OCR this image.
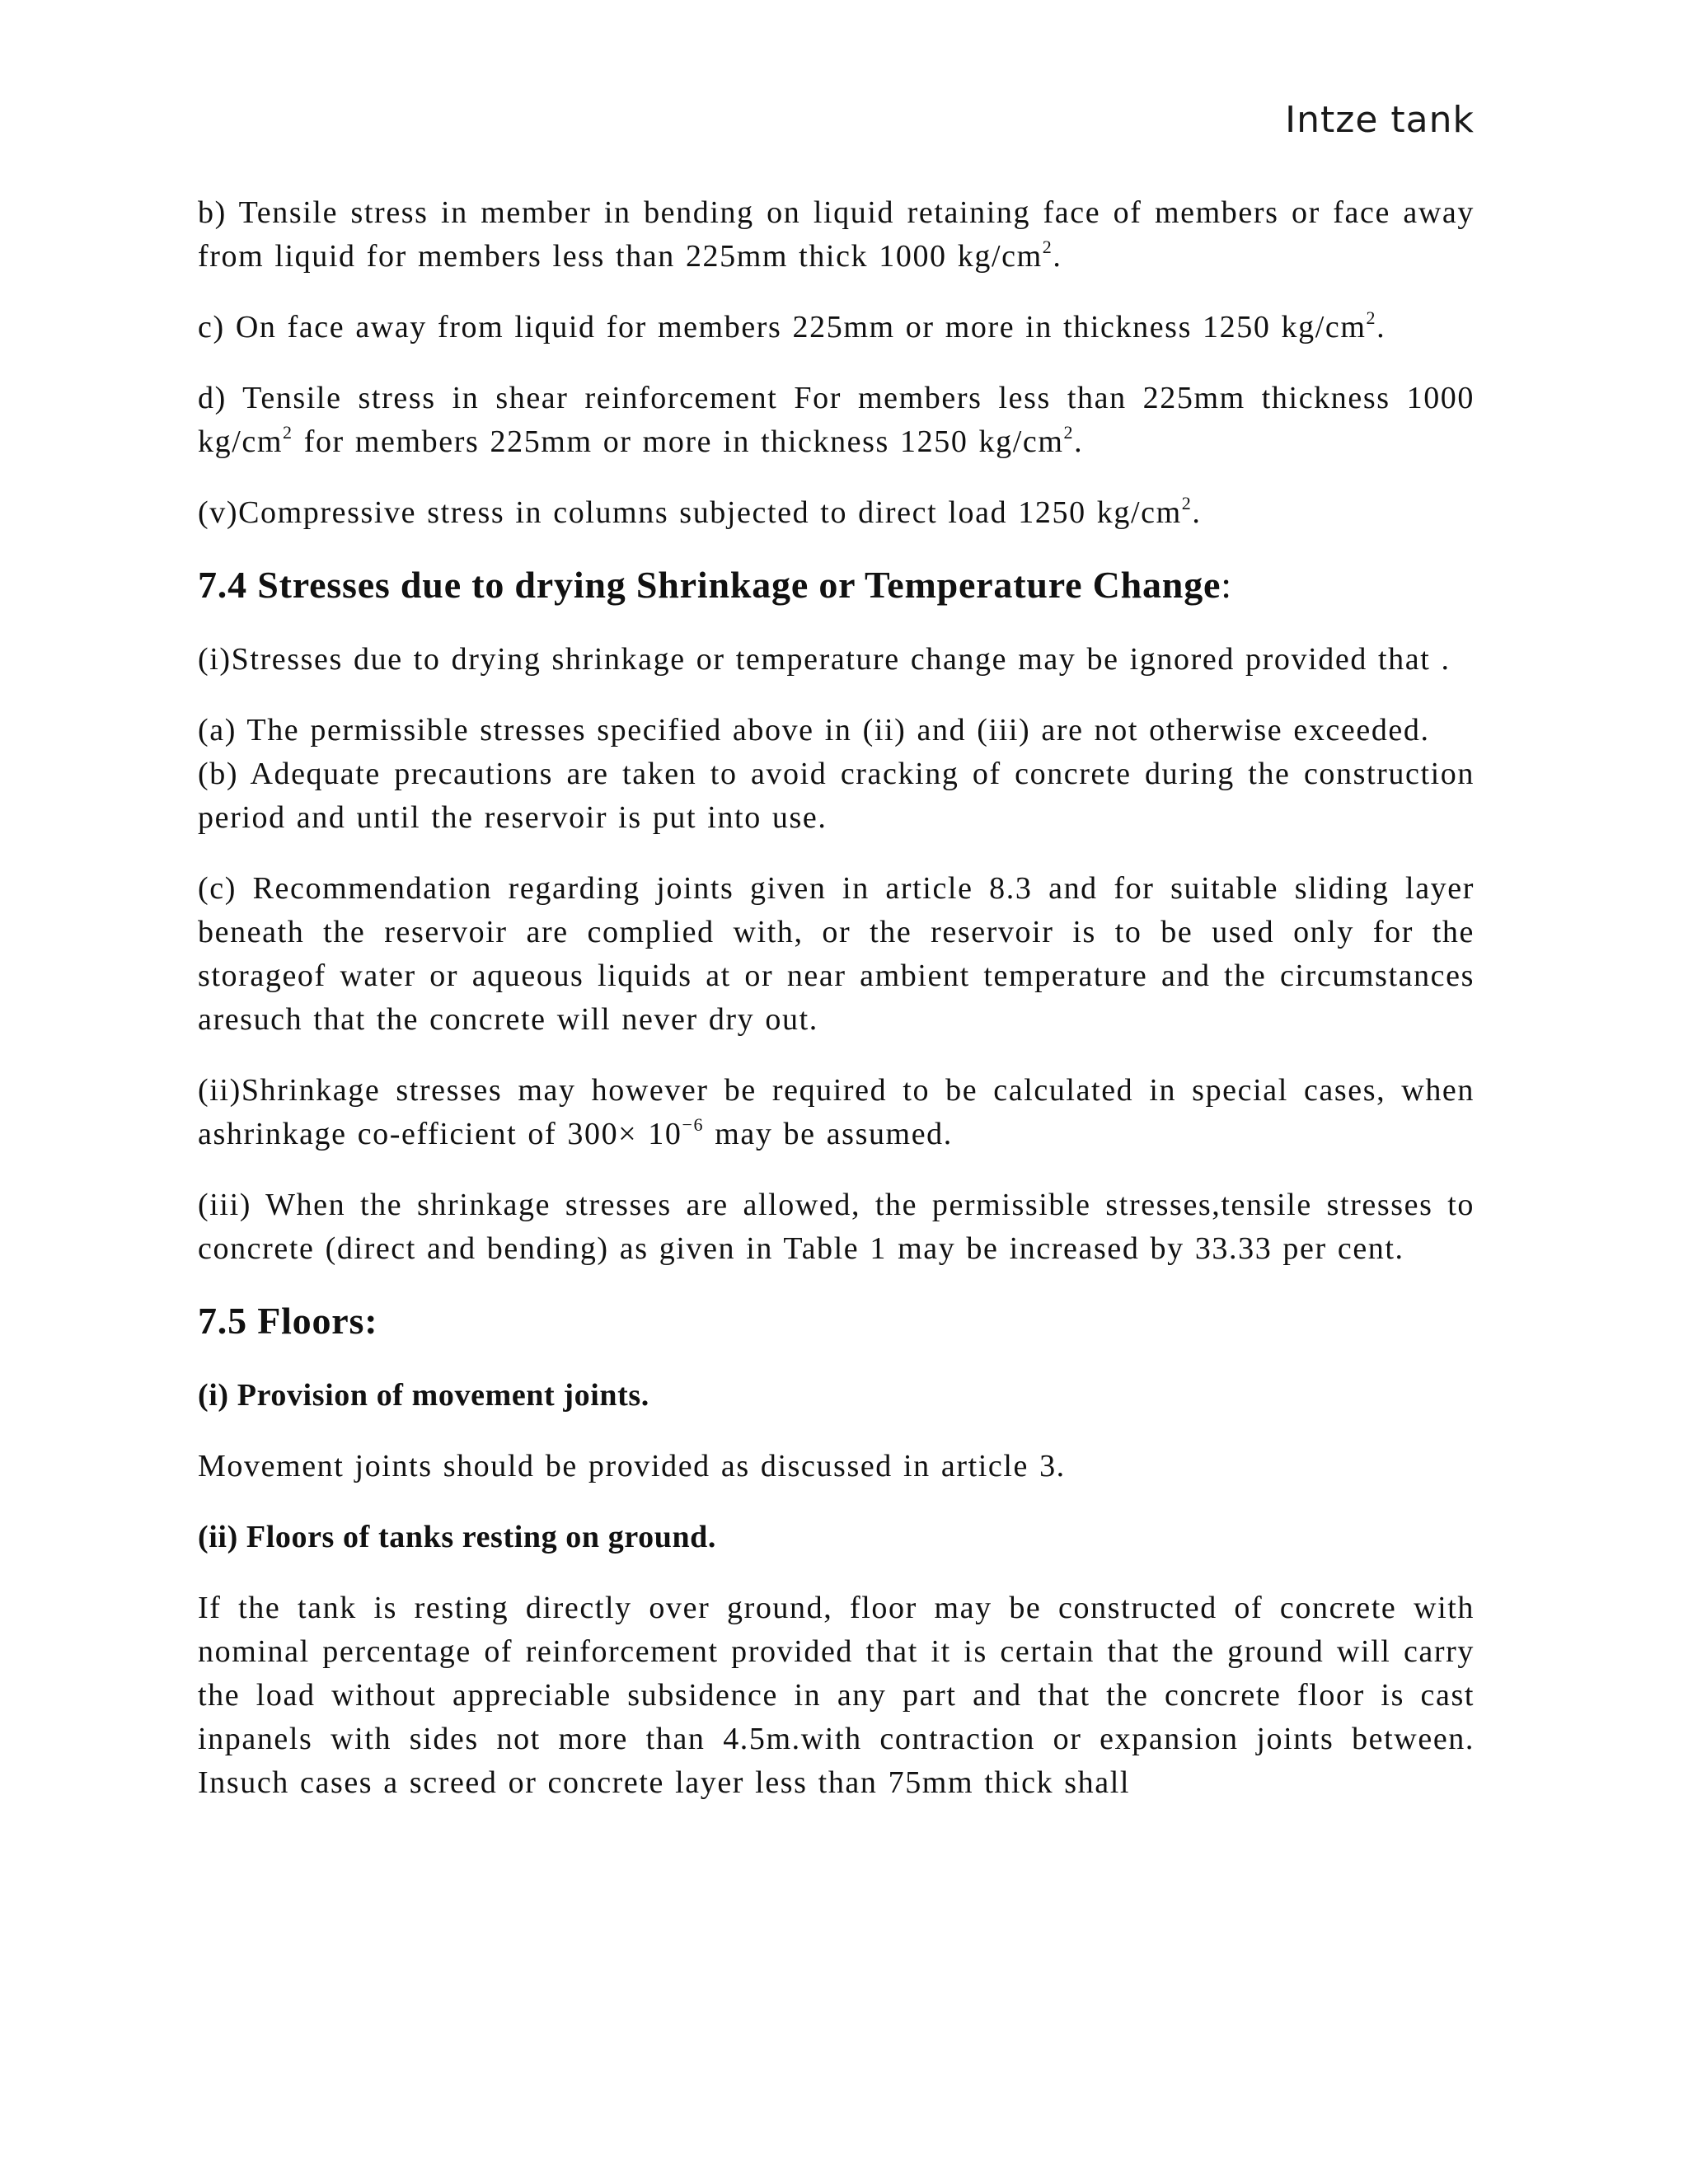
Intze tank

b) Tensile stress in member in bending on liquid retaining face of members or face away from liquid for members less than 225mm thick 1000 $kg/cm^2$.

c) On face away from liquid for members 225mm or more in thickness 1250 $kg/cm^2$.

d) Tensile stress in shear reinforcement For members less than 225mm thickness 1000 $kg/cm^2$ for members 225mm or more in thickness 1250 $kg/cm^2$.

(v)Compressive stress in columns subjected to direct load 1250 $kg/cm^2$.

7.4 Stresses due to drying Shrinkage or Temperature Change:

(i)Stresses due to drying shrinkage or temperature change may be ignored provided that .

(a) The permissible stresses specified above in (ii) and (iii) are not otherwise exceeded.

(b) Adequate precautions are taken to avoid cracking of concrete during the construction period and until the reservoir is put into use.

(c) Recommendation regarding joints given in article 8.3 and for suitable sliding layer beneath the reservoir are complied with, or the reservoir is to be used only for the storageof water or aqueous liquids at or near ambient temperature and the circumstances aresuch that the concrete will never dry out.

(ii)Shrinkage stresses may however be required to be calculated in special cases, when ashrinkage co-efficient of $300\times 10^{-6}$ may be assumed.

(iii) When the shrinkage stresses are allowed, the permissible stresses,tensile stresses to concrete (direct and bending) as given in Table 1 may be increased by 33.33 per cent.

7.5 Floors:
(i) Provision of movement joints.

Movement joints should be provided as discussed in article 3.

(ii) Floors of tanks resting on ground.

If the tank is resting directly over ground, floor may be constructed of concrete with nominal percentage of reinforcement provided that it is certain that the ground will carry the load without appreciable subsidence in any part and that the concrete floor is cast inpanels with sides not more than 4.5m.with contraction or expansion joints between. Insuch cases a screed or concrete layer less than 75mm thick shall
